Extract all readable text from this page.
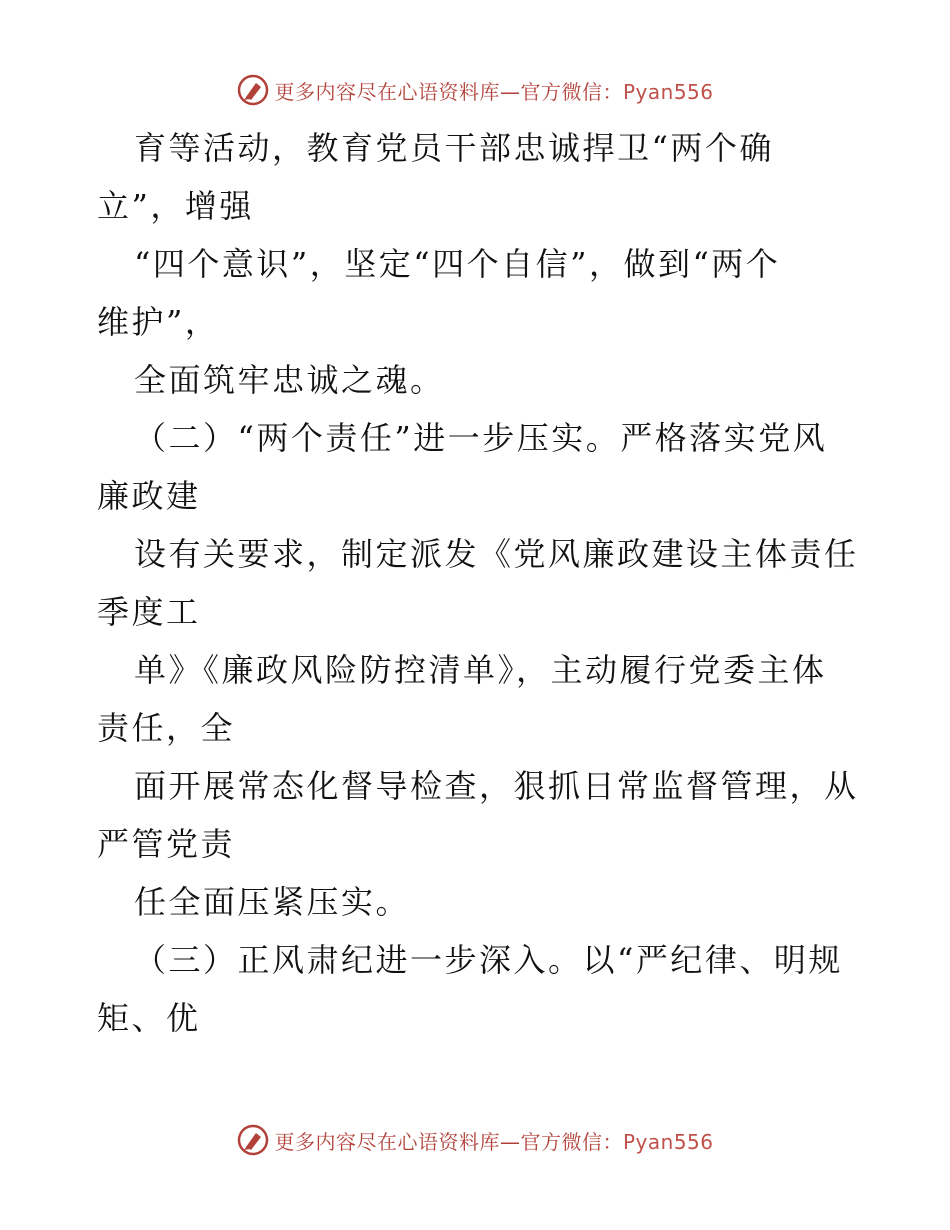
更多内容尽在心语资料库—官方微信：Pyan556
育等活动，教育党员干部忠诚捍卫“两个确
立”，增强
“四个意识”，坚定“四个自信”，做到“两个
维护”，
全面筑牢忠诚之魂。
（二）“两个责任”进一步压实。严格落实党风
廉政建
设有关要求，制定派发《党风廉政建设主体责任
季度工
单》《廉政风险防控清单》，主动履行党委主体
责任，全
面开展常态化督导检查，狠抓日常监督管理，从
严管党责
任全面压紧压实。
（三）正风肃纪进一步深入。以“严纪律、明规
矩、优
更多内容尽在心语资料库—官方微信：Pyan556
